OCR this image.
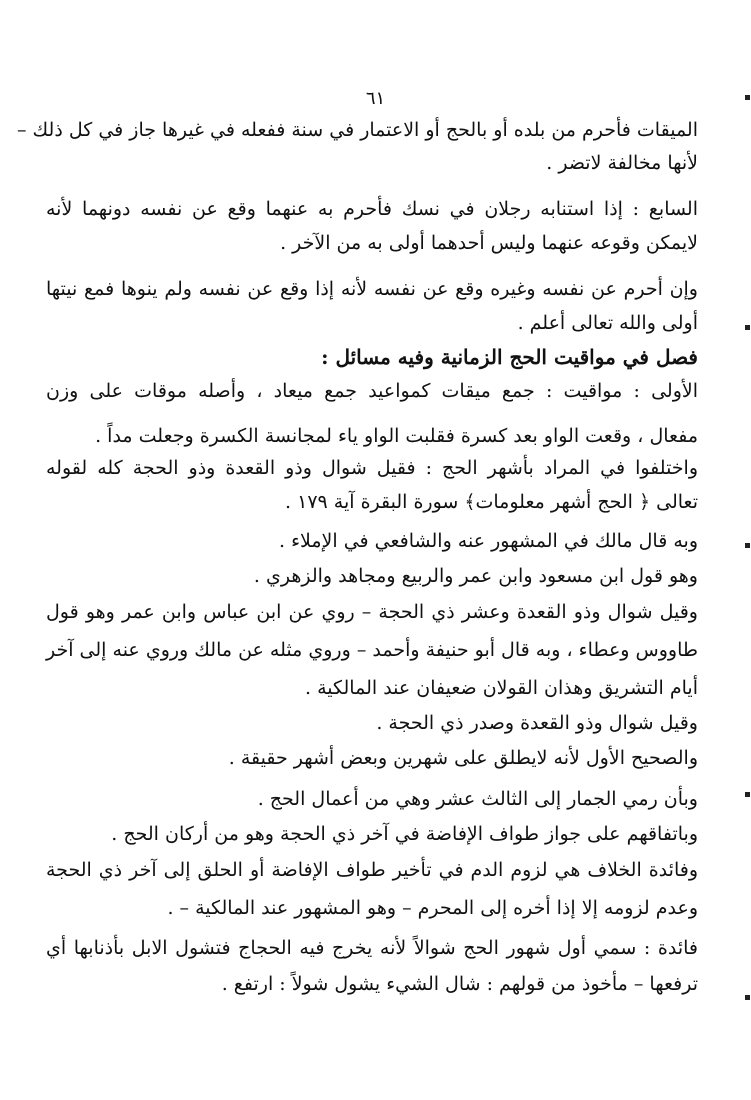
٦١
الميقات فأحرم من بلده أو بالحج أو الاعتمار في سنة ففعله في غيرها جاز في كل ذلك –
لأنها مخالفة لاتضر .
السابع : إذا استنابه رجلان في نسك فأحرم به عنهما وقع عن نفسه دونهما لأنه
لايمكن وقوعه عنهما وليس أحدهما أولى به من الآخر .
وإن أحرم عن نفسه وغيره وقع عن نفسه لأنه إذا وقع عن نفسه ولم ينوها فمع نيتها
أولى والله تعالى أعلم .
فصل في مواقيت الحج الزمانية وفيه مسائل :
الأولى : مواقيت : جمع ميقات كمواعيد جمع ميعاد ، وأصله موقات على وزن
مفعال ، وقعت الواو بعد كسرة فقلبت الواو ياء لمجانسة الكسرة وجعلت مداً .
واختلفوا في المراد بأشهر الحج : فقيل شوال وذو القعدة وذو الحجة كله لقوله
تعالى ﴿ الحج أشهر معلومات﴾ سورة البقرة آية ١٧٩ .
وبه قال مالك في المشهور عنه والشافعي في الإملاء .
وهو قول ابن مسعود وابن عمر والربيع ومجاهد والزهري .
وقيل شوال وذو القعدة وعشر ذي الحجة – روي عن ابن عباس وابن عمر وهو قول
طاووس وعطاء ، وبه قال أبو حنيفة وأحمد – وروي مثله عن مالك وروي عنه إلى آخر
أيام التشريق وهذان القولان ضعيفان عند المالكية .
وقيل شوال وذو القعدة وصدر ذي الحجة .
والصحيح الأول لأنه لايطلق على شهرين وبعض أشهر حقيقة .
وبأن رمي الجمار إلى الثالث عشر وهي من أعمال الحج .
وباتفاقهم على جواز طواف الإفاضة في آخر ذي الحجة وهو من أركان الحج .
وفائدة الخلاف هي لزوم الدم في تأخير طواف الإفاضة أو الحلق إلى آخر ذي الحجة
وعدم لزومه إلا إذا أخره إلى المحرم – وهو المشهور عند المالكية – .
فائدة : سمي أول شهور الحج شوالاً لأنه يخرج فيه الحجاج فتشول الابل بأذنابها أي
ترفعها – مأخوذ من قولهم : شال الشيء يشول شولاً : ارتفع .
